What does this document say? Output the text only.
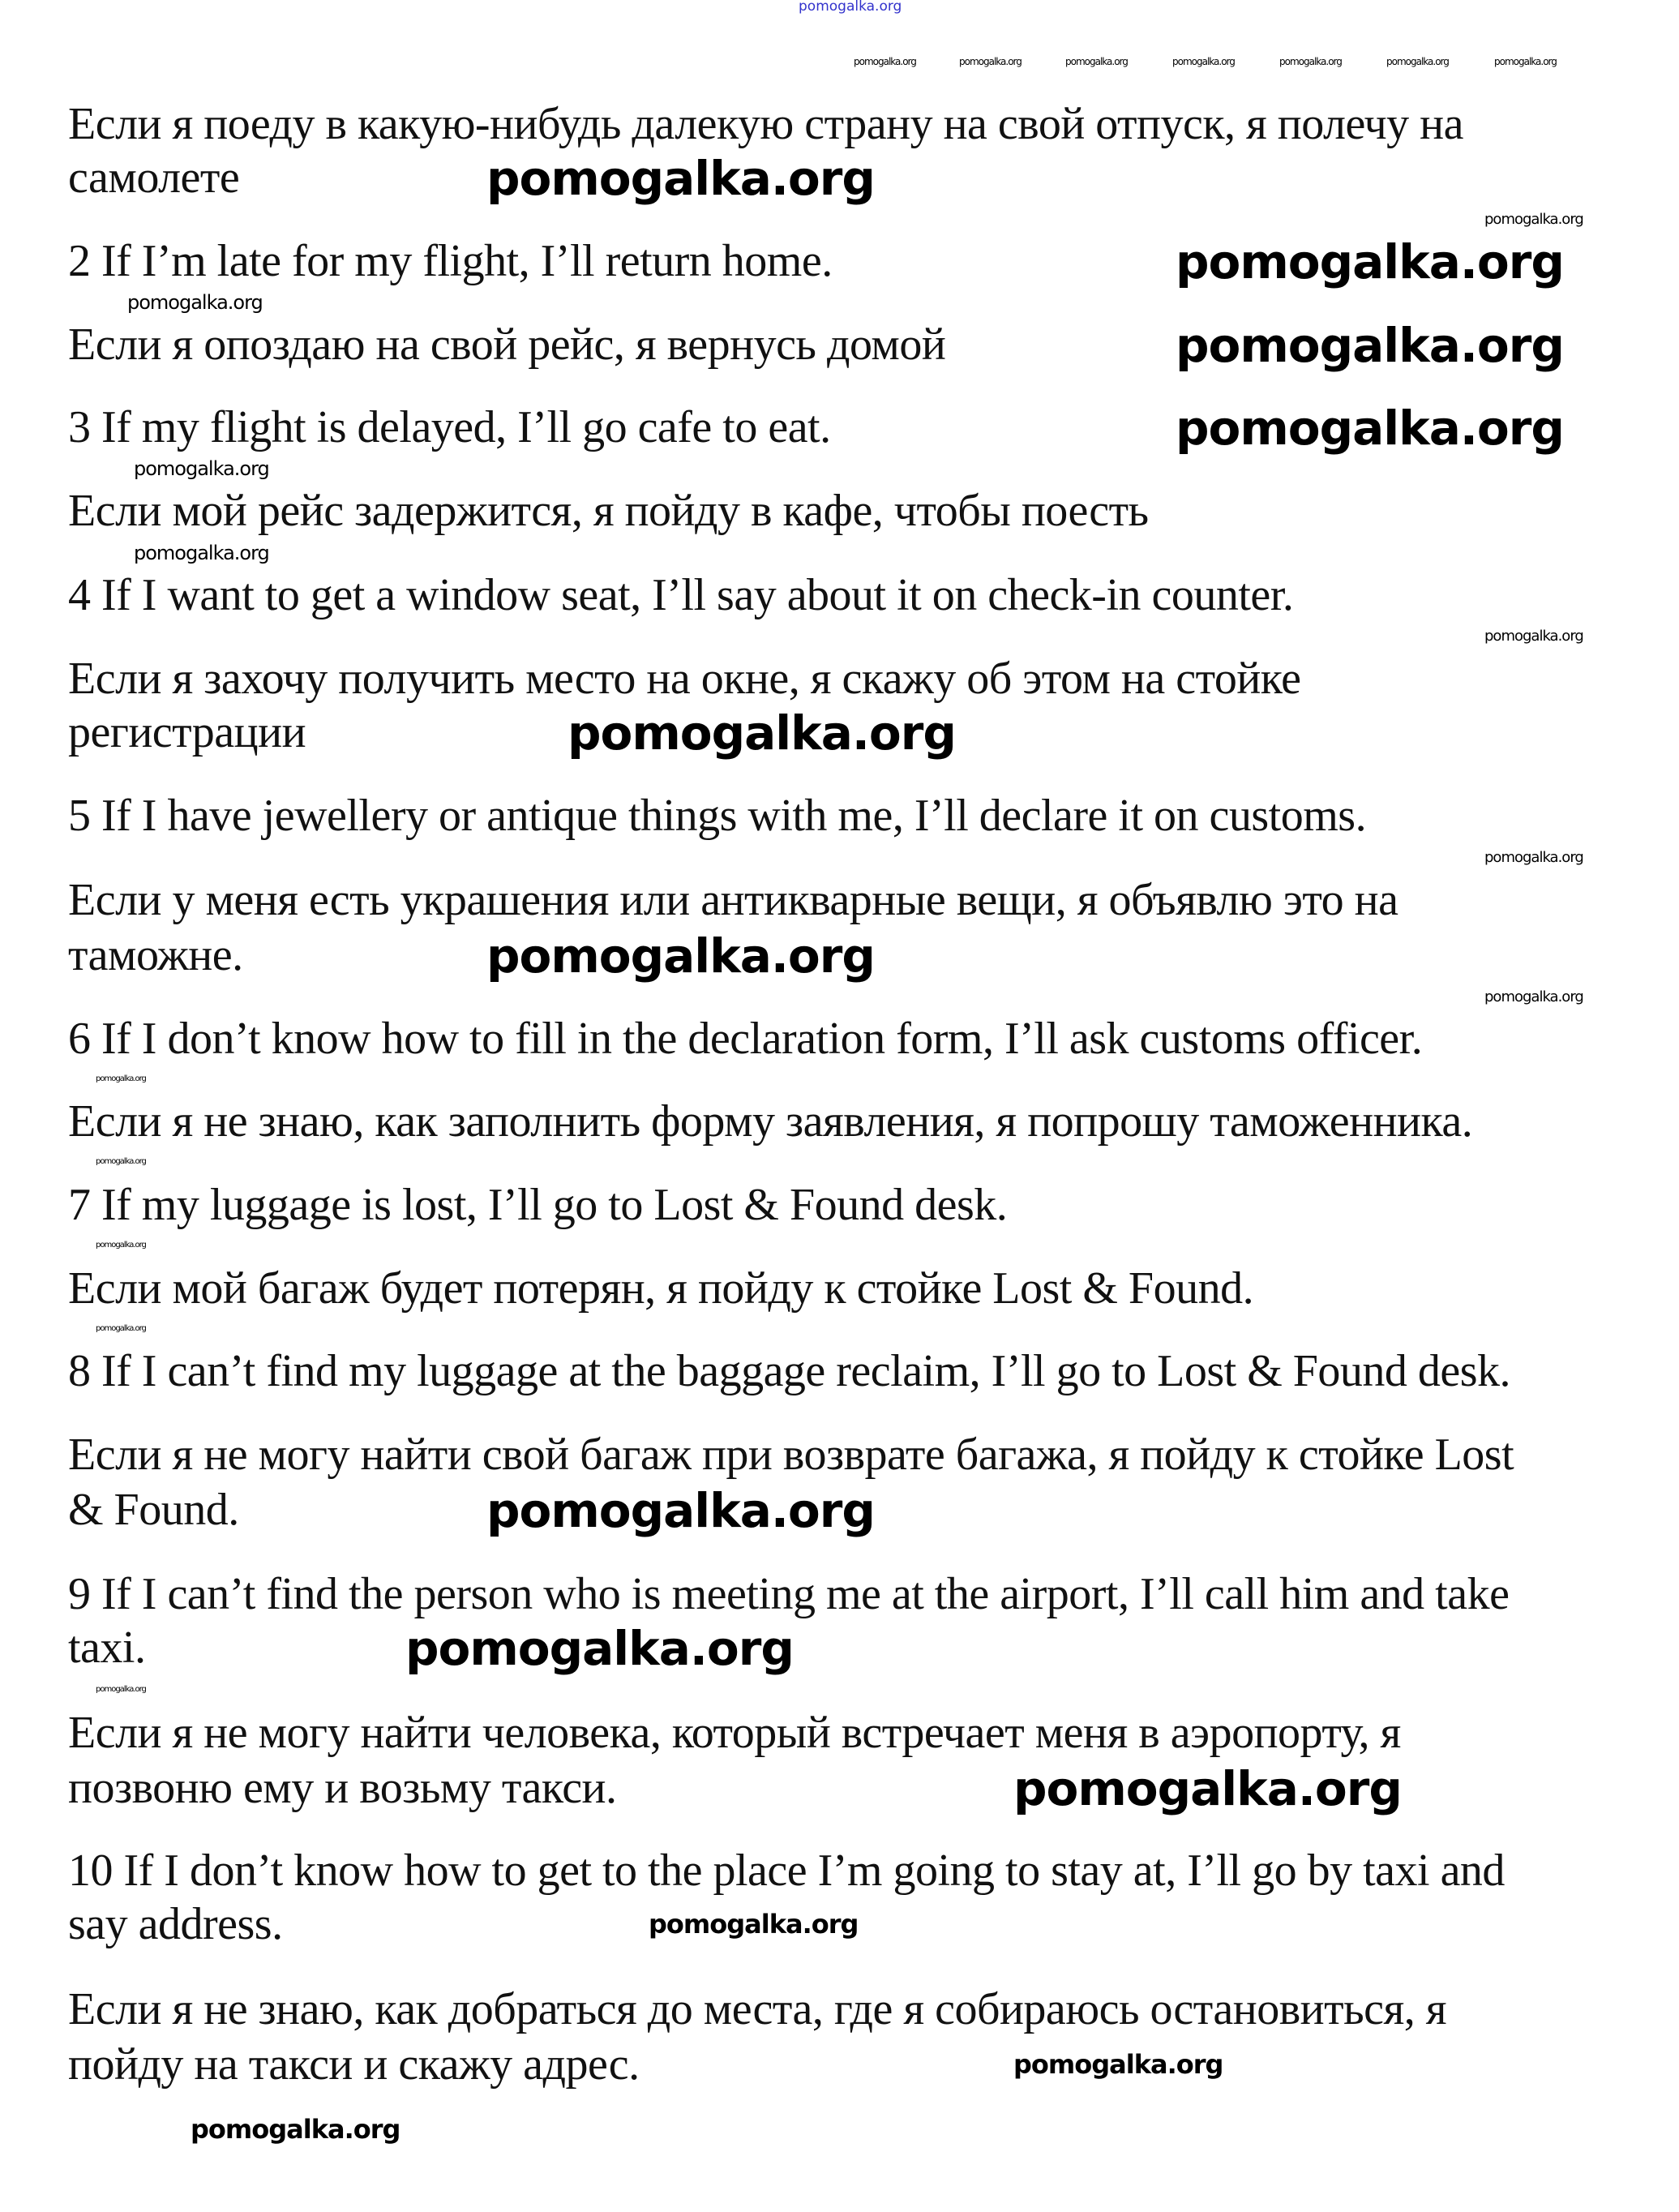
pomogalka.org
Если я поеду в какую-нибудь далекую страну на свой отпуск, я полечу на
самолете
2 If I’m late for my flight, I’ll return home.
Если я опоздаю на свой рейс, я вернусь домой
3 If my flight is delayed, I’ll go cafe to eat.
Если мой рейс задержится, я пойду в кафе, чтобы поесть
4 If I want to get a window seat, I’ll say about it on check-in counter.
Если я захочу получить место на окне, я скажу об этом на стойке
регистрации
5 If I have jewellery or antique things with me, I’ll declare it on customs.
Если у меня есть украшения или антикварные вещи, я объявлю это на
таможне.
6 If I don’t know how to fill in the declaration form, I’ll ask customs officer.
Если я не знаю, как заполнить форму заявления, я попрошу таможенника.
7 If my luggage is lost, I’ll go to Lost & Found desk.
Если мой багаж будет потерян, я пойду к стойке Lost & Found.
8 If I can’t find my luggage at the baggage reclaim, I’ll go to Lost & Found desk.
Если я не могу найти свой багаж при возврате багажа, я пойду к стойке Lost
& Found.
9 If I can’t find the person who is meeting me at the airport, I’ll call him and take
taxi.
Если я не могу найти человека, который встречает меня в аэропорту, я
позвоню ему и возьму такси.
10 If I don’t know how to get to the place I’m going to stay at, I’ll go by taxi and
say address.
Если я не знаю, как добраться до места, где я собираюсь остановиться, я
пойду на такси и скажу адрес.
pomogalka.org
pomogalka.org
pomogalka.org
pomogalka.org
pomogalka.org
pomogalka.org
pomogalka.org
pomogalka.org
pomogalka.org
pomogalka.org
pomogalka.org
pomogalka.org
pomogalka.org
pomogalka.org
pomogalka.org
pomogalka.org
pomogalka.org
pomogalka.org
pomogalka.org
pomogalka.org	pomogalka.org	pomogalka.org	pomogalka.org	pomogalka.org	pomogalka.org	pomogalka.org
pomogalka.org
pomogalka.org
pomogalka.org
pomogalka.org
pomogalka.org
